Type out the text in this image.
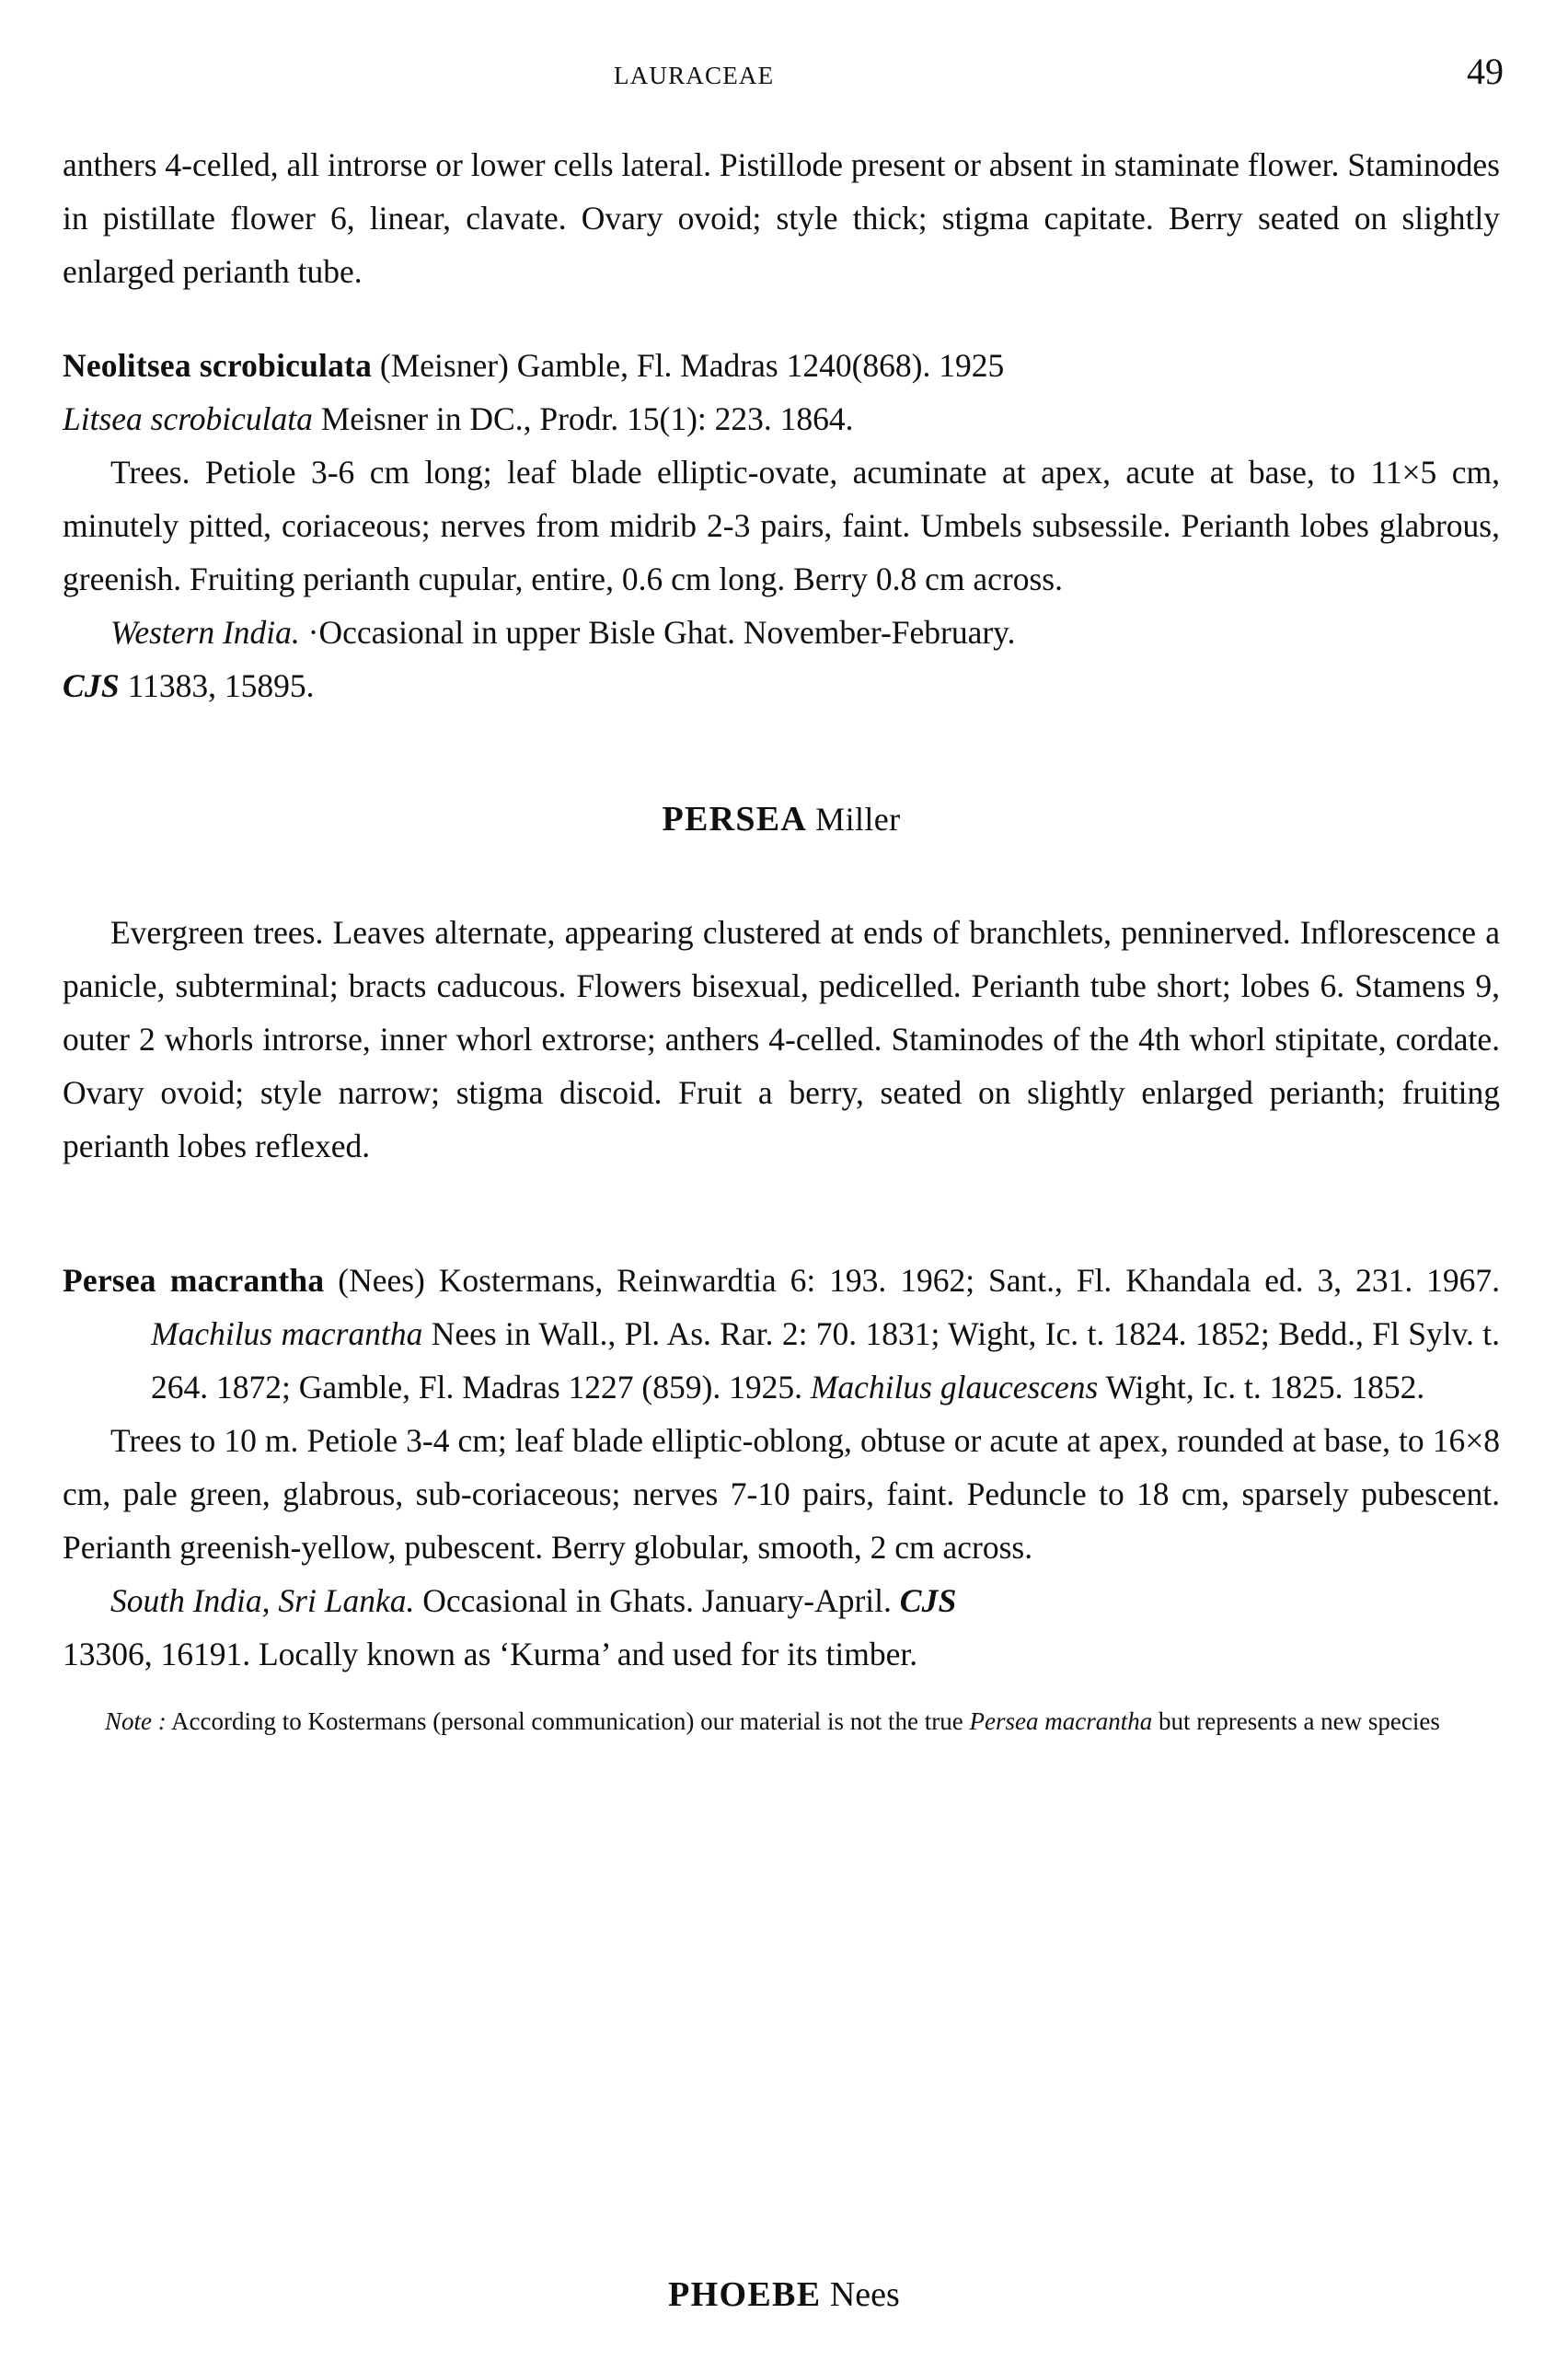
LAURACEAE	49

anthers 4-celled, all introrse or lower cells lateral. Pistillode present or absent in staminate flower. Staminodes in pistillate flower 6, linear, clavate. Ovary ovoid; style thick; stigma capitate. Berry seated on slightly enlarged perianth tube.

Neolitsea scrobiculata (Meisner) Gamble, Fl. Madras 1240(868). 1925

Litsea scrobiculata Meisner in DC., Prodr. 15(1): 223. 1864.

Trees. Petiole 3-6 cm long; leaf blade elliptic-ovate, acuminate at apex, acute at base, to 11×5 cm, minutely pitted, coriaceous; nerves from midrib 2-3 pairs, faint. Umbels subsessile. Perianth lobes glabrous, greenish. Fruiting perianth cupular, entire, 0.6 cm long. Berry 0.8 cm across.

Western India. ·Occasional in upper Bisle Ghat. November-February.

CJS 11383, 15895.

PERSEA Miller

Evergreen trees. Leaves alternate, appearing clustered at ends of branchlets, penninerved. Inflorescence a panicle, subterminal; bracts caducous. Flowers bisexual, pedicelled. Perianth tube short; lobes 6. Stamens 9, outer 2 whorls introrse, inner whorl extrorse; anthers 4-celled. Staminodes of the 4th whorl stipitate, cordate. Ovary ovoid; style narrow; stigma discoid. Fruit a berry, seated on slightly enlarged perianth; fruiting perianth lobes reflexed.

Persea macrantha (Nees) Kostermans, Reinwardtia 6: 193. 1962; Sant., Fl. Khandala ed. 3, 231. 1967. Machilus macrantha Nees in Wall., Pl. As. Rar. 2: 70. 1831; Wight, Ic. t. 1824. 1852; Bedd., Fl Sylv. t. 264. 1872; Gamble, Fl. Madras 1227 (859). 1925. Machilus glaucescens Wight, Ic. t. 1825. 1852.

Trees to 10 m. Petiole 3-4 cm; leaf blade elliptic-oblong, obtuse or acute at apex, rounded at base, to 16×8 cm, pale green, glabrous, sub-coriaceous; nerves 7-10 pairs, faint. Peduncle to 18 cm, sparsely pubescent. Perianth greenish-yellow, pubescent. Berry globular, smooth, 2 cm across.

South India, Sri Lanka. Occasional in Ghats. January-April. CJS

13306, 16191. Locally known as ‘Kurma’ and used for its timber.

Note : According to Kostermans (personal communication) our material is not the true Persea macrantha but represents a new species

PHOEBE Nees
